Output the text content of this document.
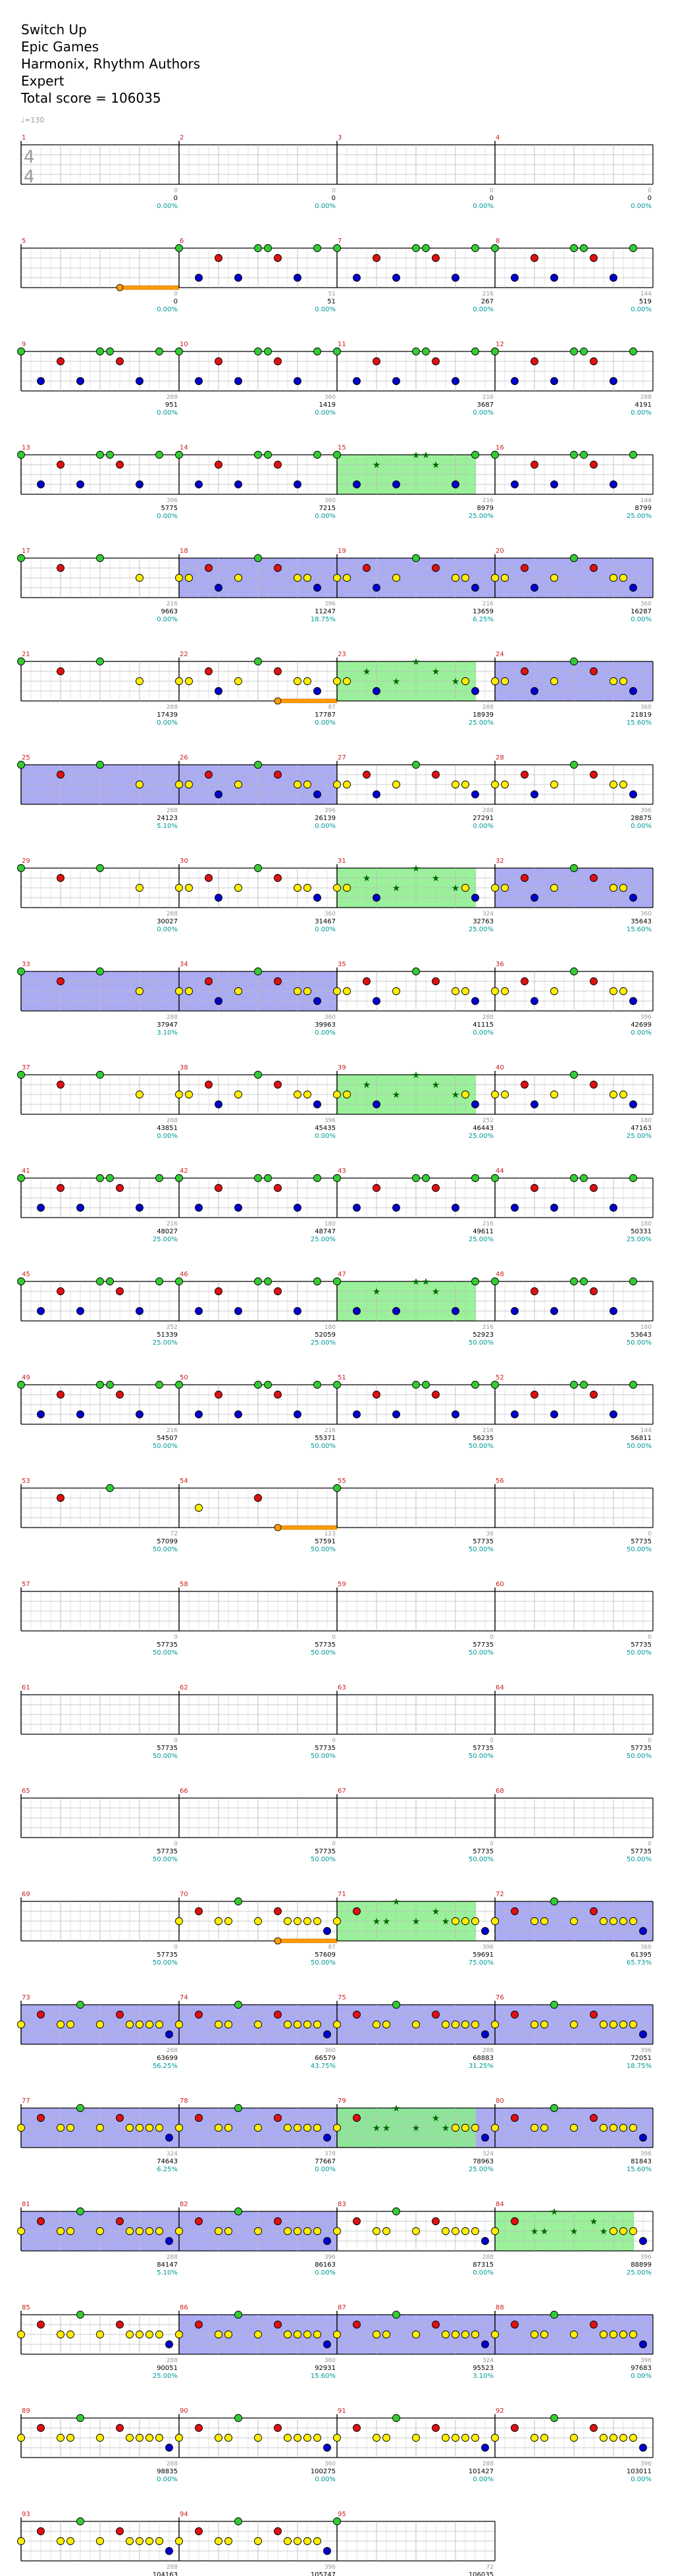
Switch Up
Epic Games
Harmonix, Rhythm Authors
Expert
Total score = 106035
♩=130
1
0
0
0.00%
2
0
0
0.00%
3
0
0
0.00%
4
0
0
0.00%
4
4
5
0
0
0.00%
6
51
51
0.00%
7
216
267
0.00%
8
144
519
0.00%
9
288
951
0.00%
10
360
1419
0.00%
11
216
3687
0.00%
12
288
4191
0.00%
13
396
5775
0.00%
14
360
7215
0.00%
15
216
8979
25.00%
★
★ ★
★
16
144
8799
25.00%
17
216
9663
0.00%
18
396
11247
18.75%
19
216
13659
6.25%
20
360
16287
0.00%
21
288
17439
0.00%
22
87
17787
0.00%
23
288
18939
25.00%
★
★
★
★
★
24
360
21819
15.60%
25
288
24123
5.10%
26
396
26139
0.00%
27
288
27291
0.00%
28
396
28875
0.00%
29
288
30027
0.00%
30
360
31467
0.00%
31
324
32763
25.00%
★
★
★
★
★
32
360
35643
15.60%
33
288
37947
3.10%
34
360
39963
0.00%
35
288
41115
0.00%
36
396
42699
0.00%
37
288
43851
0.00%
38
396
45435
0.00%
39
252
46443
25.00%
★
★
★
★
★
40
180
47163
25.00%
41
216
48027
25.00%
42
180
48747
25.00%
43
216
49611
25.00%
44
180
50331
25.00%
45
252
51339
25.00%
46
180
52059
25.00%
47
216
52923
50.00%
★
★ ★
★
48
180
53643
50.00%
49
216
54507
50.00%
50
216
55371
50.00%
51
216
56235
50.00%
52
144
56811
50.00%
53
72
57099
50.00%
54
123
57591
50.00%
55
36
57735
50.00%
56
0
57735
50.00%
57
0
57735
50.00%
58
0
57735
50.00%
59
0
57735
50.00%
60
0
57735
50.00%
61
0
57735
50.00%
62
0
57735
50.00%
63
0
57735
50.00%
64
0
57735
50.00%
65
0
57735
50.00%
66
0
57735
50.00%
67
0
57735
50.00%
68
0
57735
50.00%
69
0
57735
50.00%
70
87
57609
50.00%
71
396
59691
75.00%
★ ★
★
★
★
★
72
360
61395
65.73%
73
288
63699
56.25%
74
360
66579
43.75%
75
288
68883
31.25%
76
396
72051
18.75%
77
324
74643
6.25%
78
378
77667
0.00%
79
324
78963
25.00%
★ ★
★
★
★
★
80
396
81843
15.60%
81
288
84147
5.10%
82
396
86163
0.00%
83
288
87315
0.00%
84
396
88899
25.00%
★ ★
★
★
★
★
85
288
90051
25.00%
86
360
92931
15.60%
87
324
95523
3.10%
88
396
97683
0.00%
89
288
98835
0.00%
90
360
100275
0.00%
91
288
101427
0.00%
92
396
103011
0.00%
93
288
104163
94
396
105747
95
72
106035
